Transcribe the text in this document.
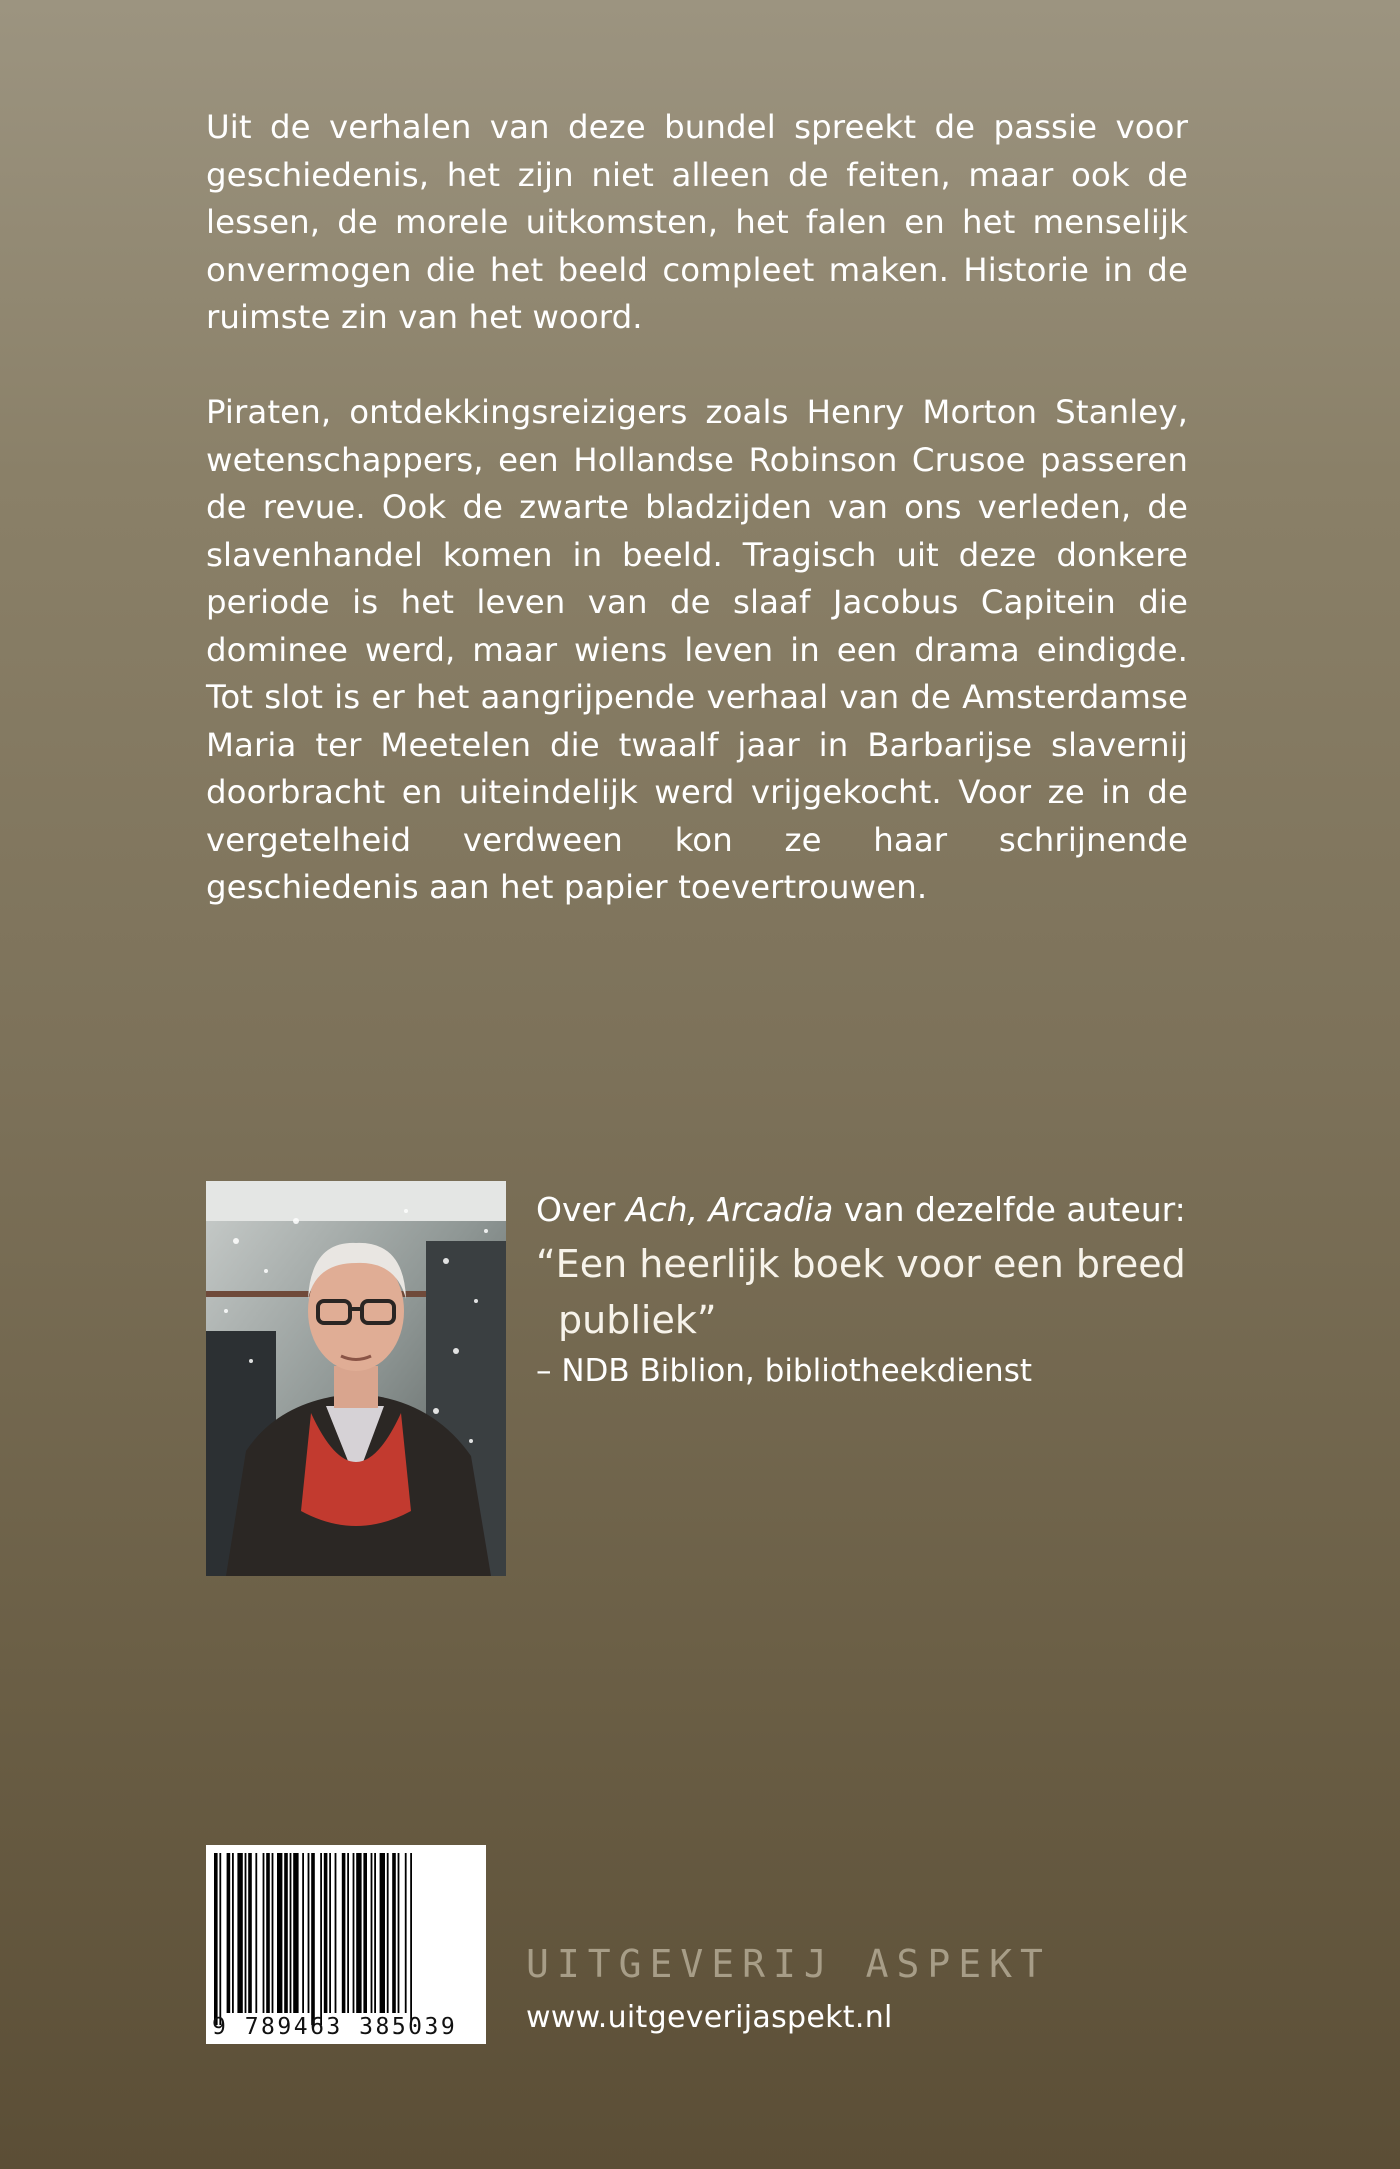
Uit de verhalen van deze bundel spreekt de passie voor geschiedenis, het zijn niet alleen de feiten, maar ook de lessen, de morele uitkomsten, het falen en het menselijk onvermogen die het beeld compleet maken. Historie in de ruimste zin van het woord.

Piraten, ontdekkingsreizigers zoals Henry Morton Stanley, wetenschappers, een Hollandse Robinson Crusoe passeren de revue. Ook de zwarte bladzijden van ons verleden, de slavenhandel komen in beeld. Tragisch uit deze donkere periode is het leven van de slaaf Jacobus Capitein die dominee werd, maar wiens leven in een drama eindigde. Tot slot is er het aangrijpende verhaal van de Amsterdamse Maria ter Meetelen die twaalf jaar in Barbarijse slavernij doorbracht en uiteindelijk werd vrijgekocht. Voor ze in de vergetelheid verdween kon ze haar schrijnende geschiedenis aan het papier toevertrouwen.

Over Ach, Arcadia van dezelfde auteur:
“Een heerlijk boek voor een breed publiek”
– NDB Biblion, bibliotheekdienst
9 789463 385039
UITGEVERIJ ASPEKT
www.uitgeverijaspekt.nl
